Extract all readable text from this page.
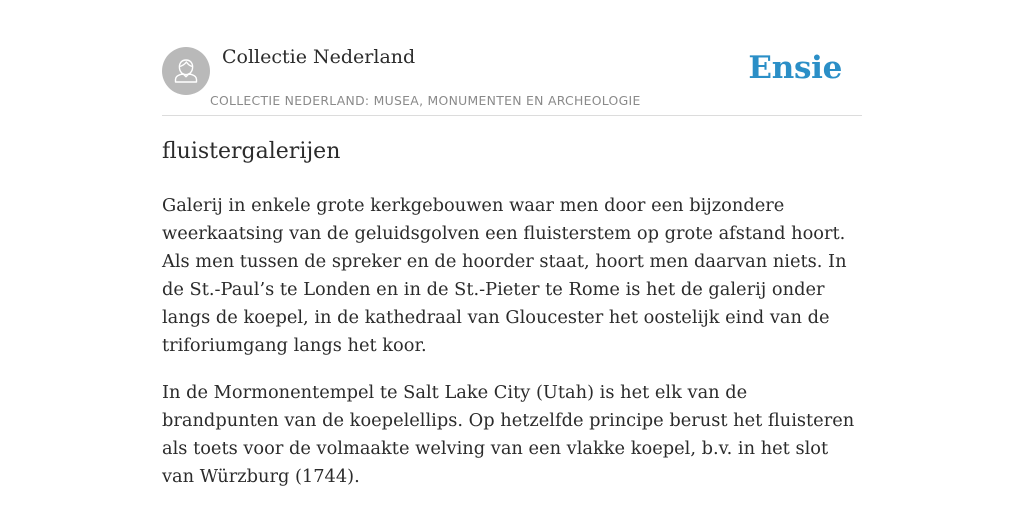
Collectie Nederland
COLLECTIE NEDERLAND: MUSEA, MONUMENTEN EN ARCHEOLOGIE
Ensie
fluistergalerijen

Galerij in enkele grote kerkgebouwen waar men door een bijzondere weerkaatsing van de geluidsgolven een fluisterstem op grote afstand hoort. Als men tussen de spreker en de hoorder staat, hoort men daarvan niets. In de St.-Paul’s te Londen en in de St.-Pieter te Rome is het de galerij onder langs de koepel, in de kathedraal van Gloucester het oostelijk eind van de triforiumgang langs het koor.

In de Mormonentempel te Salt Lake City (Utah) is het elk van de brandpunten van de koepelellips. Op hetzelfde principe berust het fluisteren als toets voor de volmaakte welving van een vlakke koepel, b.v. in het slot van Würzburg (1744).
